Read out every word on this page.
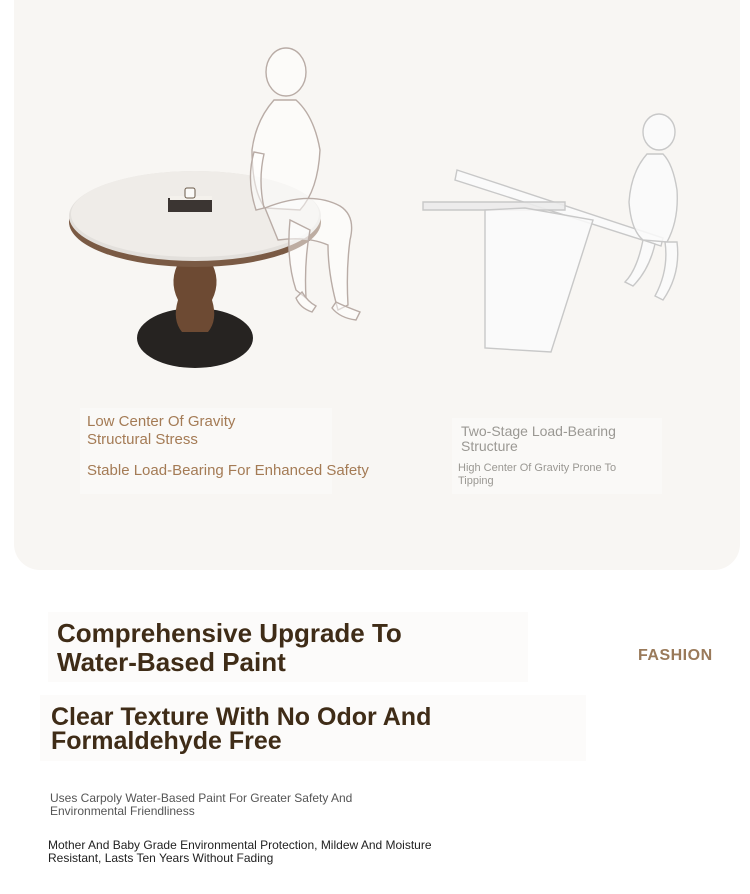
Low Center Of Gravity
Structural Stress
Stable Load-Bearing For Enhanced Safety
Two-Stage Load-Bearing
Structure
High Center Of Gravity Prone To
Tipping
Comprehensive Upgrade To
Water-Based Paint	FASHION
Clear Texture With No Odor And
Formaldehyde Free
Uses Carpoly Water-Based Paint For Greater Safety And
Environmental Friendliness
Mother And Baby Grade Environmental Protection, Mildew And Moisture
Resistant, Lasts Ten Years Without Fading
